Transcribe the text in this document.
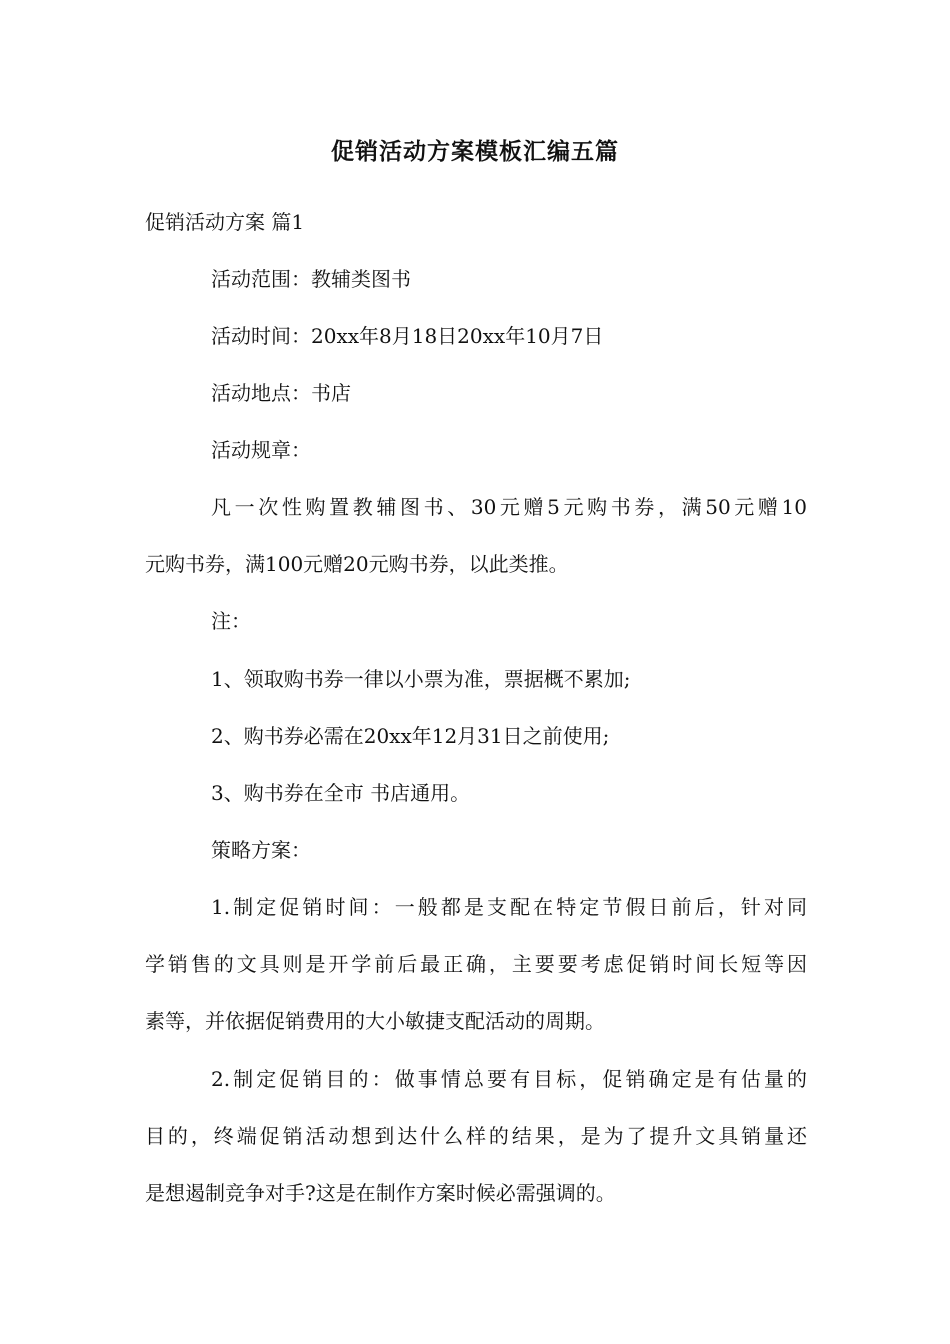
促销活动方案模板汇编五篇
促销活动方案 篇1
活动范围：教辅类图书
活动时间：20xx年8月18日20xx年10月7日
活动地点：书店
活动规章：
凡一次性购置教辅图书、30元赠5元购书券，满50元赠10
元购书券，满100元赠20元购书券，以此类推。
注：
1、领取购书券一律以小票为准，票据概不累加;
2、购书券必需在20xx年12月31日之前使用;
3、购书券在全市 书店通用。
策略方案：
1.制定促销时间：一般都是支配在特定节假日前后，针对同
学销售的文具则是开学前后最正确，主要要考虑促销时间长短等因
素等，并依据促销费用的大小敏捷支配活动的周期。
2.制定促销目的：做事情总要有目标，促销确定是有估量的
目的，终端促销活动想到达什么样的结果，是为了提升文具销量还
是想遏制竞争对手?这是在制作方案时候必需强调的。
